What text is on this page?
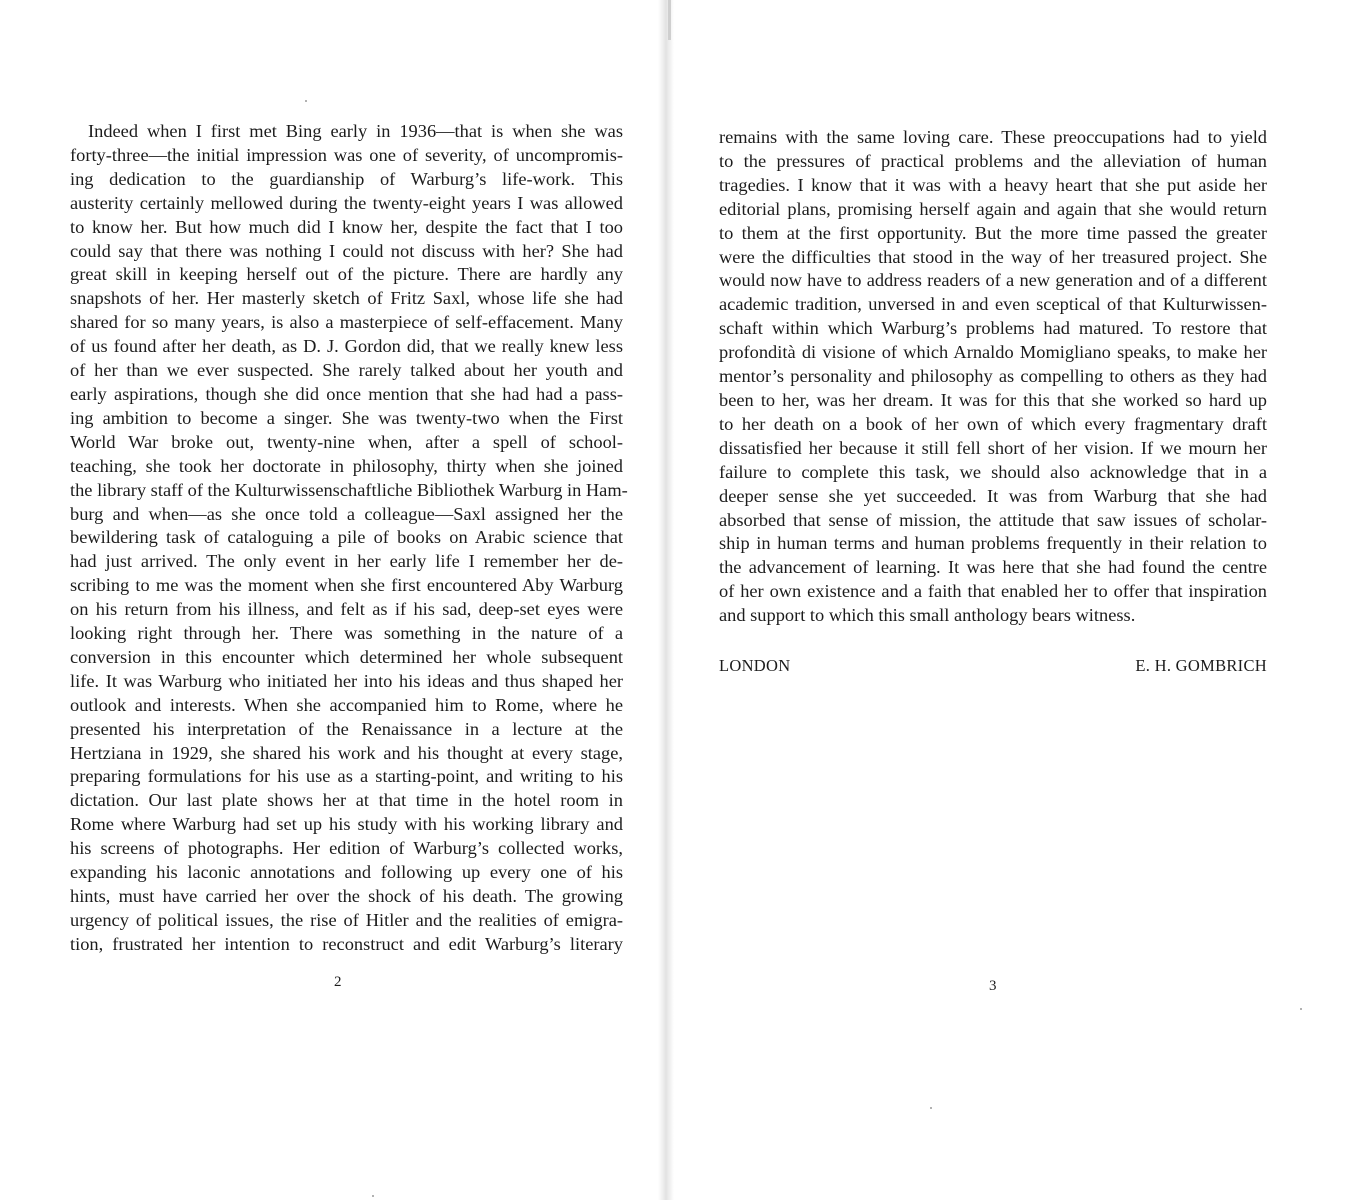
Indeed when I first met Bing early in 1936—that is when she was
forty-three—the initial impression was one of severity, of uncompromis-
ing dedication to the guardianship of Warburg’s life-work. This
austerity certainly mellowed during the twenty-eight years I was allowed
to know her. But how much did I know her, despite the fact that I too
could say that there was nothing I could not discuss with her? She had
great skill in keeping herself out of the picture. There are hardly any
snapshots of her. Her masterly sketch of Fritz Saxl, whose life she had
shared for so many years, is also a masterpiece of self-effacement. Many
of us found after her death, as D. J. Gordon did, that we really knew less
of her than we ever suspected. She rarely talked about her youth and
early aspirations, though she did once mention that she had had a pass-
ing ambition to become a singer. She was twenty-two when the First
World War broke out, twenty-nine when, after a spell of school-
teaching, she took her doctorate in philosophy, thirty when she joined
the library staff of the Kulturwissenschaftliche Bibliothek Warburg in Ham-
burg and when—as she once told a colleague—Saxl assigned her the
bewildering task of cataloguing a pile of books on Arabic science that
had just arrived. The only event in her early life I remember her de-
scribing to me was the moment when she first encountered Aby Warburg
on his return from his illness, and felt as if his sad, deep-set eyes were
looking right through her. There was something in the nature of a
conversion in this encounter which determined her whole subsequent
life. It was Warburg who initiated her into his ideas and thus shaped her
outlook and interests. When she accompanied him to Rome, where he
presented his interpretation of the Renaissance in a lecture at the
Hertziana in 1929, she shared his work and his thought at every stage,
preparing formulations for his use as a starting-point, and writing to his
dictation. Our last plate shows her at that time in the hotel room in
Rome where Warburg had set up his study with his working library and
his screens of photographs. Her edition of Warburg’s collected works,
expanding his laconic annotations and following up every one of his
hints, must have carried her over the shock of his death. The growing
urgency of political issues, the rise of Hitler and the realities of emigra-
tion, frustrated her intention to reconstruct and edit Warburg’s literary
2
remains with the same loving care. These preoccupations had to yield
to the pressures of practical problems and the alleviation of human
tragedies. I know that it was with a heavy heart that she put aside her
editorial plans, promising herself again and again that she would return
to them at the first opportunity. But the more time passed the greater
were the difficulties that stood in the way of her treasured project. She
would now have to address readers of a new generation and of a different
academic tradition, unversed in and even sceptical of that Kulturwissen-
schaft within which Warburg’s problems had matured. To restore that
profondità di visione of which Arnaldo Momigliano speaks, to make her
mentor’s personality and philosophy as compelling to others as they had
been to her, was her dream. It was for this that she worked so hard up
to her death on a book of her own of which every fragmentary draft
dissatisfied her because it still fell short of her vision. If we mourn her
failure to complete this task, we should also acknowledge that in a
deeper sense she yet succeeded. It was from Warburg that she had
absorbed that sense of mission, the attitude that saw issues of scholar-
ship in human terms and human problems frequently in their relation to
the advancement of learning. It was here that she had found the centre
of her own existence and a faith that enabled her to offer that inspiration
and support to which this small anthology bears witness.
LONDON	E. H. GOMBRICH
3
